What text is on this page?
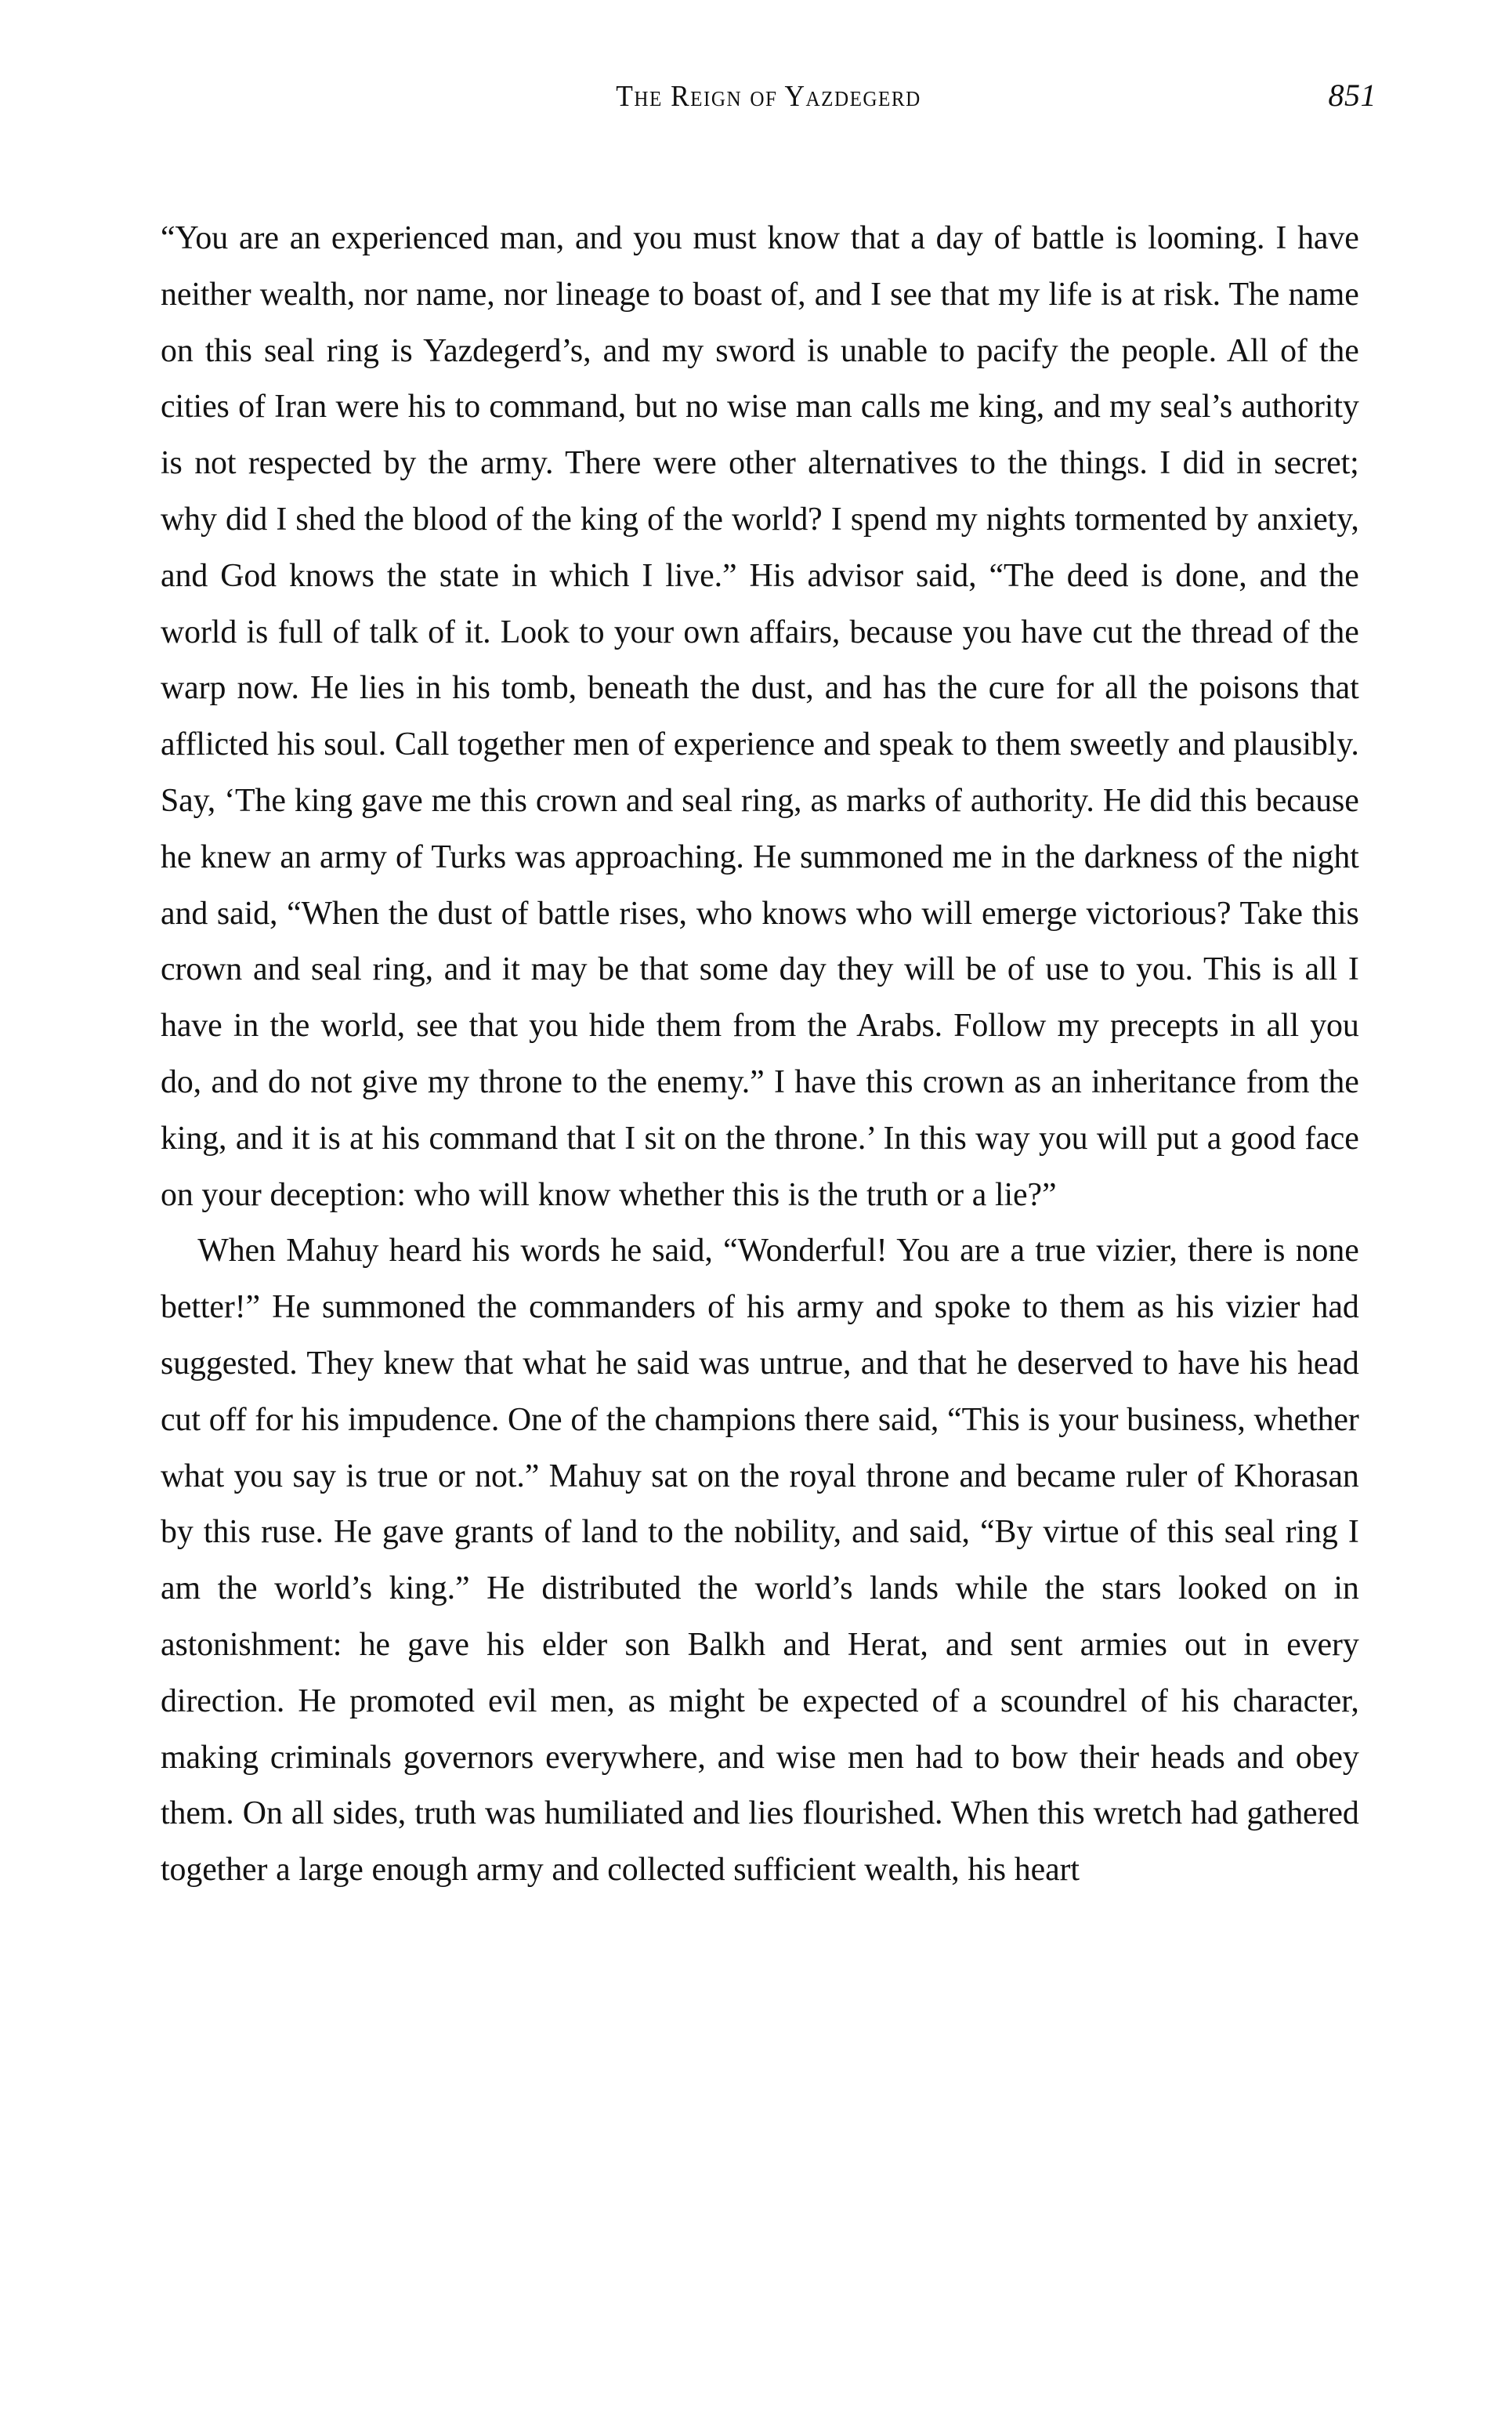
The Reign of Yazdegerd	851

“You are an experienced man, and you must know that a day of battle is looming. I have neither wealth, nor name, nor lineage to boast of, and I see that my life is at risk. The name on this seal ring is Yazdegerd’s, and my sword is unable to pacify the people. All of the cities of Iran were his to command, but no wise man calls me king, and my seal’s authority is not respected by the army. There were other alternatives to the things. I did in secret; why did I shed the blood of the king of the world? I spend my nights tormented by anxiety, and God knows the state in which I live.” His advisor said, “The deed is done, and the world is full of talk of it. Look to your own affairs, because you have cut the thread of the warp now. He lies in his tomb, beneath the dust, and has the cure for all the poisons that afflicted his soul. Call together men of experience and speak to them sweetly and plausibly. Say, ‘The king gave me this crown and seal ring, as marks of authority. He did this because he knew an army of Turks was approaching. He summoned me in the darkness of the night and said, “When the dust of battle rises, who knows who will emerge victorious? Take this crown and seal ring, and it may be that some day they will be of use to you. This is all I have in the world, see that you hide them from the Arabs. Follow my precepts in all you do, and do not give my throne to the enemy.” I have this crown as an inheritance from the king, and it is at his command that I sit on the throne.’ In this way you will put a good face on your deception: who will know whether this is the truth or a lie?”

When Mahuy heard his words he said, “Wonderful! You are a true vizier, there is none better!” He summoned the commanders of his army and spoke to them as his vizier had suggested. They knew that what he said was untrue, and that he deserved to have his head cut off for his impudence. One of the champions there said, “This is your business, whether what you say is true or not.” Mahuy sat on the royal throne and became ruler of Khorasan by this ruse. He gave grants of land to the nobility, and said, “By virtue of this seal ring I am the world’s king.” He distributed the world’s lands while the stars looked on in astonishment: he gave his elder son Balkh and Herat, and sent armies out in every direction. He promoted evil men, as might be expected of a scoundrel of his character, making criminals governors everywhere, and wise men had to bow their heads and obey them. On all sides, truth was humiliated and lies flourished. When this wretch had gathered together a large enough army and collected sufficient wealth, his heart
